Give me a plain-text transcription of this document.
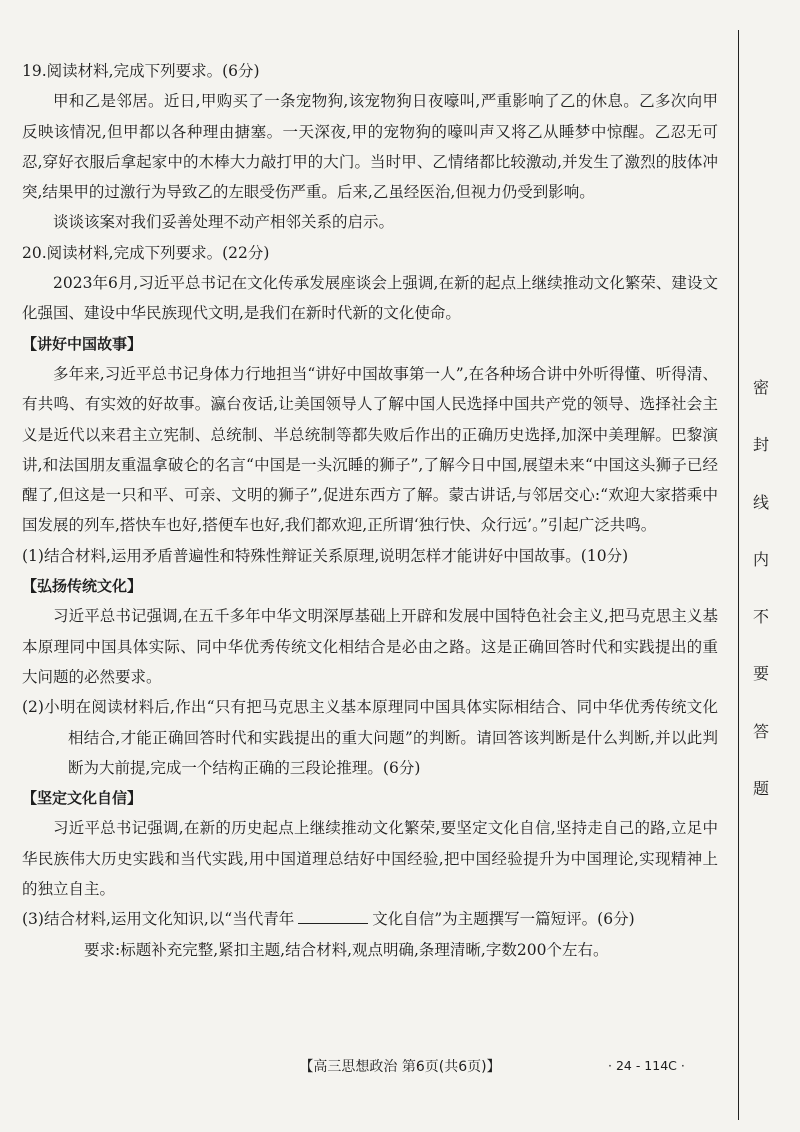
19.阅读材料,完成下列要求。(6分)

甲和乙是邻居。近日,甲购买了一条宠物狗,该宠物狗日夜嚎叫,严重影响了乙的休息。乙多次向甲反映该情况,但甲都以各种理由搪塞。一天深夜,甲的宠物狗的嚎叫声又将乙从睡梦中惊醒。乙忍无可忍,穿好衣服后拿起家中的木棒大力敲打甲的大门。当时甲、乙情绪都比较激动,并发生了激烈的肢体冲突,结果甲的过激行为导致乙的左眼受伤严重。后来,乙虽经医治,但视力仍受到影响。

谈谈该案对我们妥善处理不动产相邻关系的启示。

20.阅读材料,完成下列要求。(22分)

2023年6月,习近平总书记在文化传承发展座谈会上强调,在新的起点上继续推动文化繁荣、建设文化强国、建设中华民族现代文明,是我们在新时代新的文化使命。

【讲好中国故事】

多年来,习近平总书记身体力行地担当“讲好中国故事第一人”,在各种场合讲中外听得懂、听得清、有共鸣、有实效的好故事。瀛台夜话,让美国领导人了解中国人民选择中国共产党的领导、选择社会主义是近代以来君主立宪制、总统制、半总统制等都失败后作出的正确历史选择,加深中美理解。巴黎演讲,和法国朋友重温拿破仑的名言“中国是一头沉睡的狮子”,了解今日中国,展望未来“中国这头狮子已经醒了,但这是一只和平、可亲、文明的狮子”,促进东西方了解。蒙古讲话,与邻居交心:“欢迎大家搭乘中国发展的列车,搭快车也好,搭便车也好,我们都欢迎,正所谓‘独行快、众行远’。”引起广泛共鸣。

(1)结合材料,运用矛盾普遍性和特殊性辩证关系原理,说明怎样才能讲好中国故事。(10分)

【弘扬传统文化】

习近平总书记强调,在五千多年中华文明深厚基础上开辟和发展中国特色社会主义,把马克思主义基本原理同中国具体实际、同中华优秀传统文化相结合是必由之路。这是正确回答时代和实践提出的重大问题的必然要求。

(2)小明在阅读材料后,作出“只有把马克思主义基本原理同中国具体实际相结合、同中华优秀传统文化相结合,才能正确回答时代和实践提出的重大问题”的判断。请回答该判断是什么判断,并以此判断为大前提,完成一个结构正确的三段论推理。(6分)

【坚定文化自信】

习近平总书记强调,在新的历史起点上继续推动文化繁荣,要坚定文化自信,坚持走自己的路,立足中华民族伟大历史实践和当代实践,用中国道理总结好中国经验,把中国经验提升为中国理论,实现精神上的独立自主。

(3)结合材料,运用文化知识,以“当代青年	文化自信”为主题撰写一篇短评。(6分)

要求:标题补充完整,紧扣主题,结合材料,观点明确,条理清晰,字数200个左右。

密
封
线
内
不
要
答
题
【高三思想政治 第6页(共6页)】	· 24 - 114C ·
